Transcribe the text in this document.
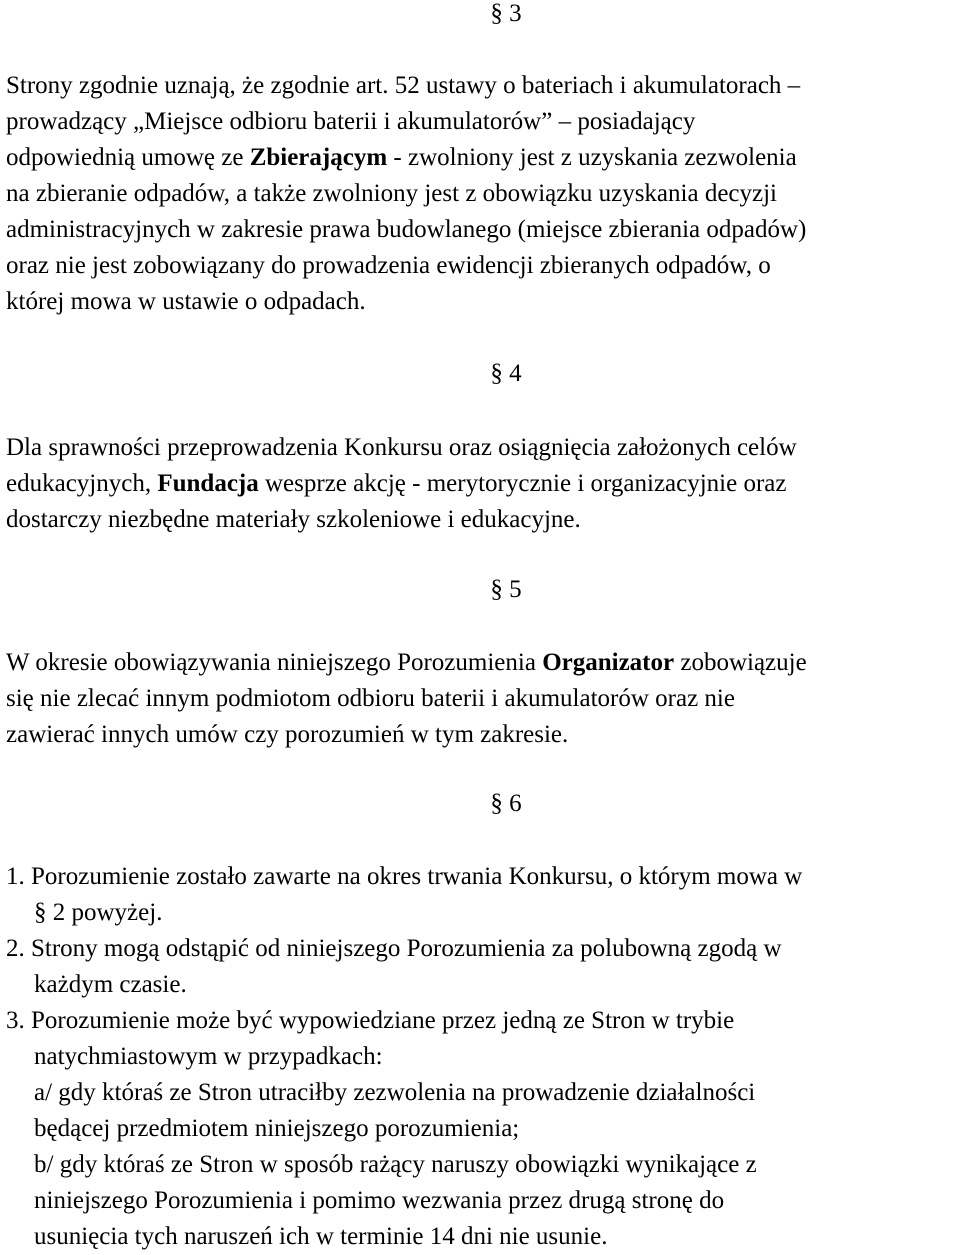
§ 3
Strony zgodnie uznają, że zgodnie art. 52 ustawy o bateriach i akumulatorach –
prowadzący „Miejsce odbioru baterii i akumulatorów” – posiadający
odpowiednią umowę ze Zbierającym - zwolniony jest z uzyskania zezwolenia
na zbieranie odpadów, a także zwolniony jest z obowiązku uzyskania decyzji
administracyjnych w zakresie prawa budowlanego (miejsce zbierania odpadów)
oraz nie jest zobowiązany do prowadzenia ewidencji zbieranych odpadów, o
której mowa w ustawie o odpadach.
§ 4
Dla sprawności przeprowadzenia Konkursu oraz osiągnięcia założonych celów
edukacyjnych, Fundacja wesprze akcję - merytorycznie i organizacyjnie oraz
dostarczy niezbędne materiały szkoleniowe i edukacyjne.
§ 5
W okresie obowiązywania niniejszego Porozumienia Organizator zobowiązuje
się nie zlecać innym podmiotom odbioru baterii i akumulatorów oraz nie
zawierać innych umów czy porozumień w tym zakresie.
§ 6
1. Porozumienie zostało zawarte na okres trwania Konkursu, o którym mowa w
§ 2 powyżej.
2. Strony mogą odstąpić od niniejszego Porozumienia za polubowną zgodą w
każdym czasie.
3. Porozumienie może być wypowiedziane przez jedną ze Stron w trybie
natychmiastowym w przypadkach:
a/ gdy któraś ze Stron utraciłby zezwolenia na prowadzenie działalności
będącej przedmiotem niniejszego porozumienia;
b/ gdy któraś ze Stron w sposób rażący naruszy obowiązki wynikające z
niniejszego Porozumienia i pomimo wezwania przez drugą stronę do
usunięcia tych naruszeń ich w terminie 14 dni nie usunie.
